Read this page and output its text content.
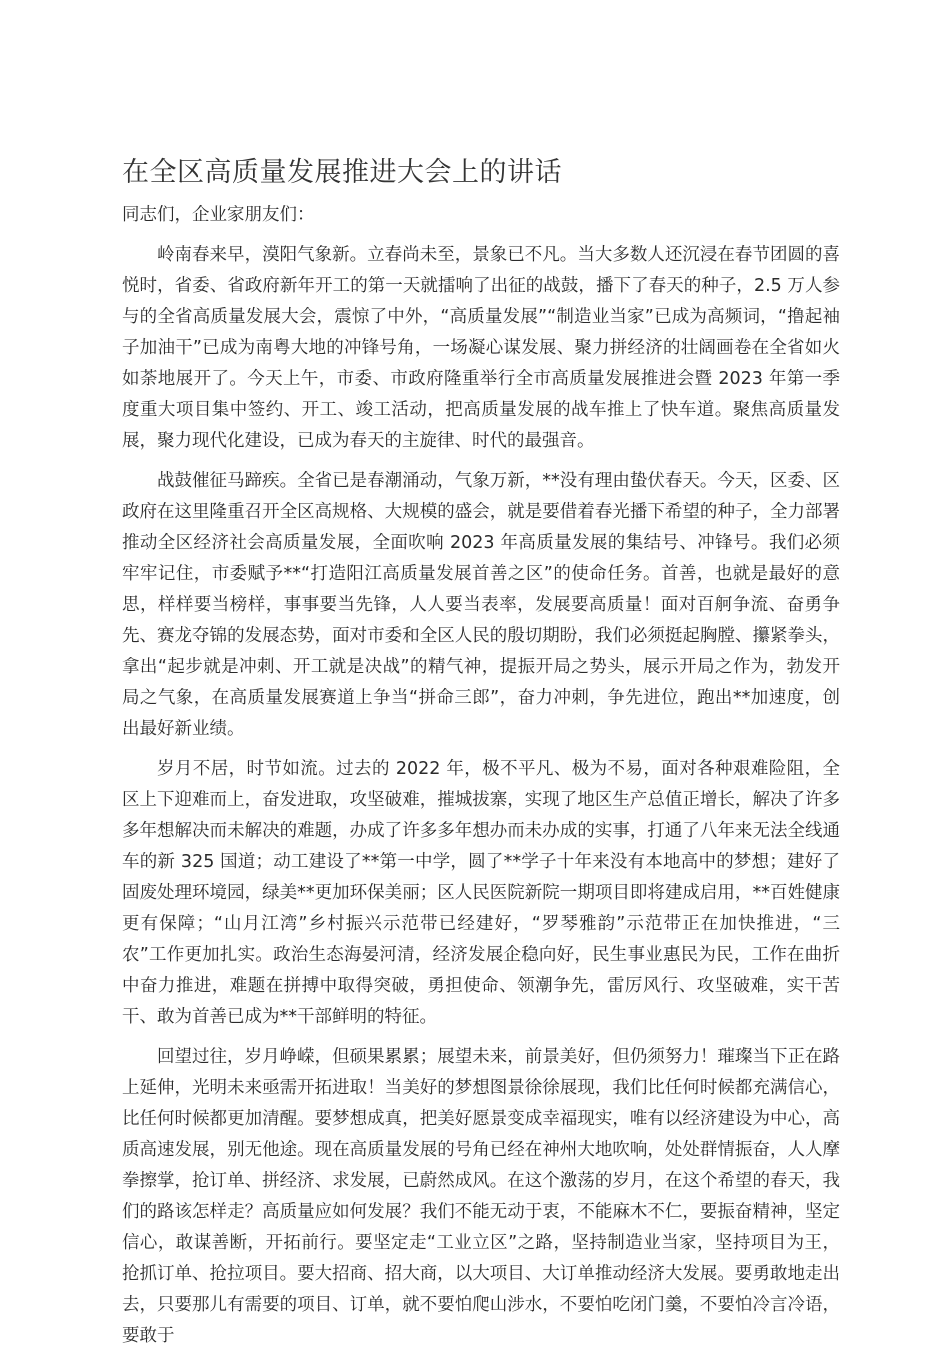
在全区高质量发展推进大会上的讲话

同志们，企业家朋友们：

岭南春来早，漠阳气象新。立春尚未至，景象已不凡。当大多数人还沉浸在春节团圆的喜悦时，省委、省政府新年开工的第一天就擂响了出征的战鼓，播下了春天的种子，2.5 万人参与的全省高质量发展大会，震惊了中外，“高质量发展”“制造业当家”已成为高频词，“撸起袖子加油干”已成为南粤大地的冲锋号角，一场凝心谋发展、聚力拼经济的壮阔画卷在全省如火如荼地展开了。今天上午，市委、市政府隆重举行全市高质量发展推进会暨 2023 年第一季度重大项目集中签约、开工、竣工活动，把高质量发展的战车推上了快车道。聚焦高质量发展，聚力现代化建设，已成为春天的主旋律、时代的最强音。

战鼓催征马蹄疾。全省已是春潮涌动，气象万新，**没有理由蛰伏春天。今天，区委、区政府在这里隆重召开全区高规格、大规模的盛会，就是要借着春光播下希望的种子，全力部署推动全区经济社会高质量发展，全面吹响 2023 年高质量发展的集结号、冲锋号。我们必须牢牢记住，市委赋予**“打造阳江高质量发展首善之区”的使命任务。首善，也就是最好的意思，样样要当榜样，事事要当先锋，人人要当表率，发展要高质量！面对百舸争流、奋勇争先、赛龙夺锦的发展态势，面对市委和全区人民的殷切期盼，我们必须挺起胸膛、攥紧拳头，拿出“起步就是冲刺、开工就是决战”的精气神，提振开局之势头，展示开局之作为，勃发开局之气象，在高质量发展赛道上争当“拼命三郎”，奋力冲刺，争先进位，跑出**加速度，创出最好新业绩。

岁月不居，时节如流。过去的 2022 年，极不平凡、极为不易，面对各种艰难险阻，全区上下迎难而上，奋发进取，攻坚破难，摧城拔寨，实现了地区生产总值正增长，解决了许多多年想解决而未解决的难题，办成了许多多年想办而未办成的实事，打通了八年来无法全线通车的新 325 国道；动工建设了**第一中学，圆了**学子十年来没有本地高中的梦想；建好了固废处理环境园，绿美**更加环保美丽；区人民医院新院一期项目即将建成启用，**百姓健康更有保障；“山月江湾”乡村振兴示范带已经建好，“罗琴雅韵”示范带正在加快推进，“三农”工作更加扎实。政治生态海晏河清，经济发展企稳向好，民生事业惠民为民，工作在曲折中奋力推进，难题在拼搏中取得突破，勇担使命、领潮争先，雷厉风行、攻坚破难，实干苦干、敢为首善已成为**干部鲜明的特征。

回望过往，岁月峥嵘，但硕果累累；展望未来，前景美好，但仍须努力！璀璨当下正在路上延伸，光明未来亟需开拓进取！当美好的梦想图景徐徐展现，我们比任何时候都充满信心，比任何时候都更加清醒。要梦想成真，把美好愿景变成幸福现实，唯有以经济建设为中心，高质高速发展，别无他途。现在高质量发展的号角已经在神州大地吹响，处处群情振奋，人人摩拳擦掌，抢订单、拼经济、求发展，已蔚然成风。在这个激荡的岁月，在这个希望的春天，我们的路该怎样走？高质量应如何发展？我们不能无动于衷，不能麻木不仁，要振奋精神，坚定信心，敢谋善断，开拓前行。要坚定走“工业立区”之路，坚持制造业当家，坚持项目为王，抢抓订单、抢拉项目。要大招商、招大商，以大项目、大订单推动经济大发展。要勇敢地走出去，只要那儿有需要的项目、订单，就不要怕爬山涉水，不要怕吃闭门羹，不要怕冷言冷语，要敢于
